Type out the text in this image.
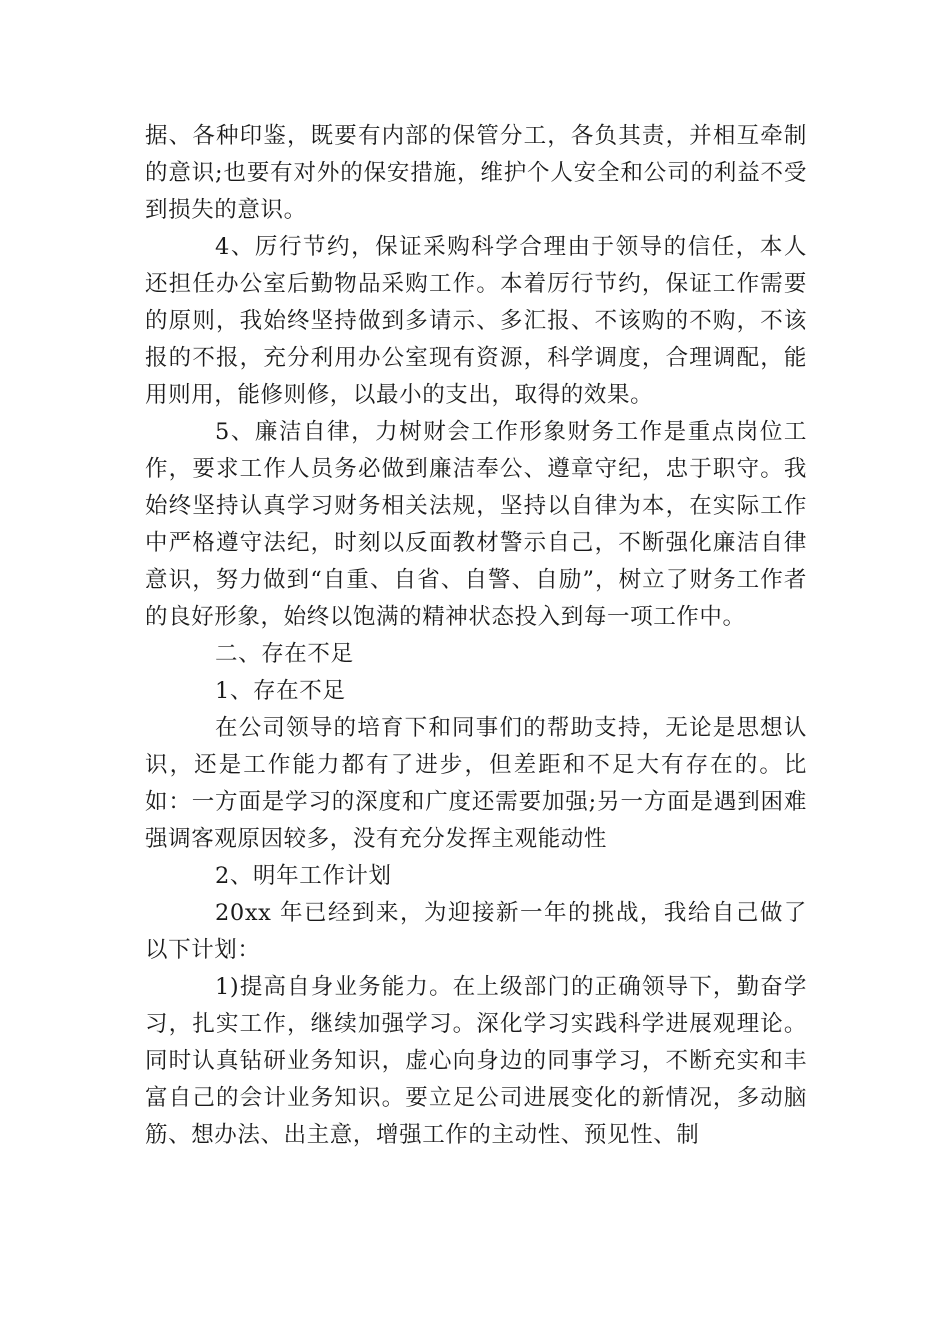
据、各种印鉴，既要有内部的保管分工，各负其责，并相互牵制的意识;也要有对外的保安措施，维护个人安全和公司的利益不受到损失的意识。

4、厉行节约，保证采购科学合理由于领导的信任，本人还担任办公室后勤物品采购工作。本着厉行节约，保证工作需要的原则，我始终坚持做到多请示、多汇报、不该购的不购，不该报的不报，充分利用办公室现有资源，科学调度，合理调配，能用则用，能修则修，以最小的支出，取得的效果。

5、廉洁自律，力树财会工作形象财务工作是重点岗位工作，要求工作人员务必做到廉洁奉公、遵章守纪，忠于职守。我始终坚持认真学习财务相关法规，坚持以自律为本，在实际工作中严格遵守法纪，时刻以反面教材警示自己，不断强化廉洁自律意识，努力做到“自重、自省、自警、自励”，树立了财务工作者的良好形象，始终以饱满的精神状态投入到每一项工作中。

二、存在不足

1、存在不足

在公司领导的培育下和同事们的帮助支持，无论是思想认识，还是工作能力都有了进步，但差距和不足大有存在的。比如：一方面是学习的深度和广度还需要加强;另一方面是遇到困难强调客观原因较多，没有充分发挥主观能动性

2、明年工作计划

20xx 年已经到来，为迎接新一年的挑战，我给自己做了以下计划：

1)提高自身业务能力。在上级部门的正确领导下，勤奋学习，扎实工作，继续加强学习。深化学习实践科学进展观理论。同时认真钻研业务知识，虚心向身边的同事学习，不断充实和丰富自己的会计业务知识。要立足公司进展变化的新情况，多动脑筋、想办法、出主意，增强工作的主动性、预见性、制
